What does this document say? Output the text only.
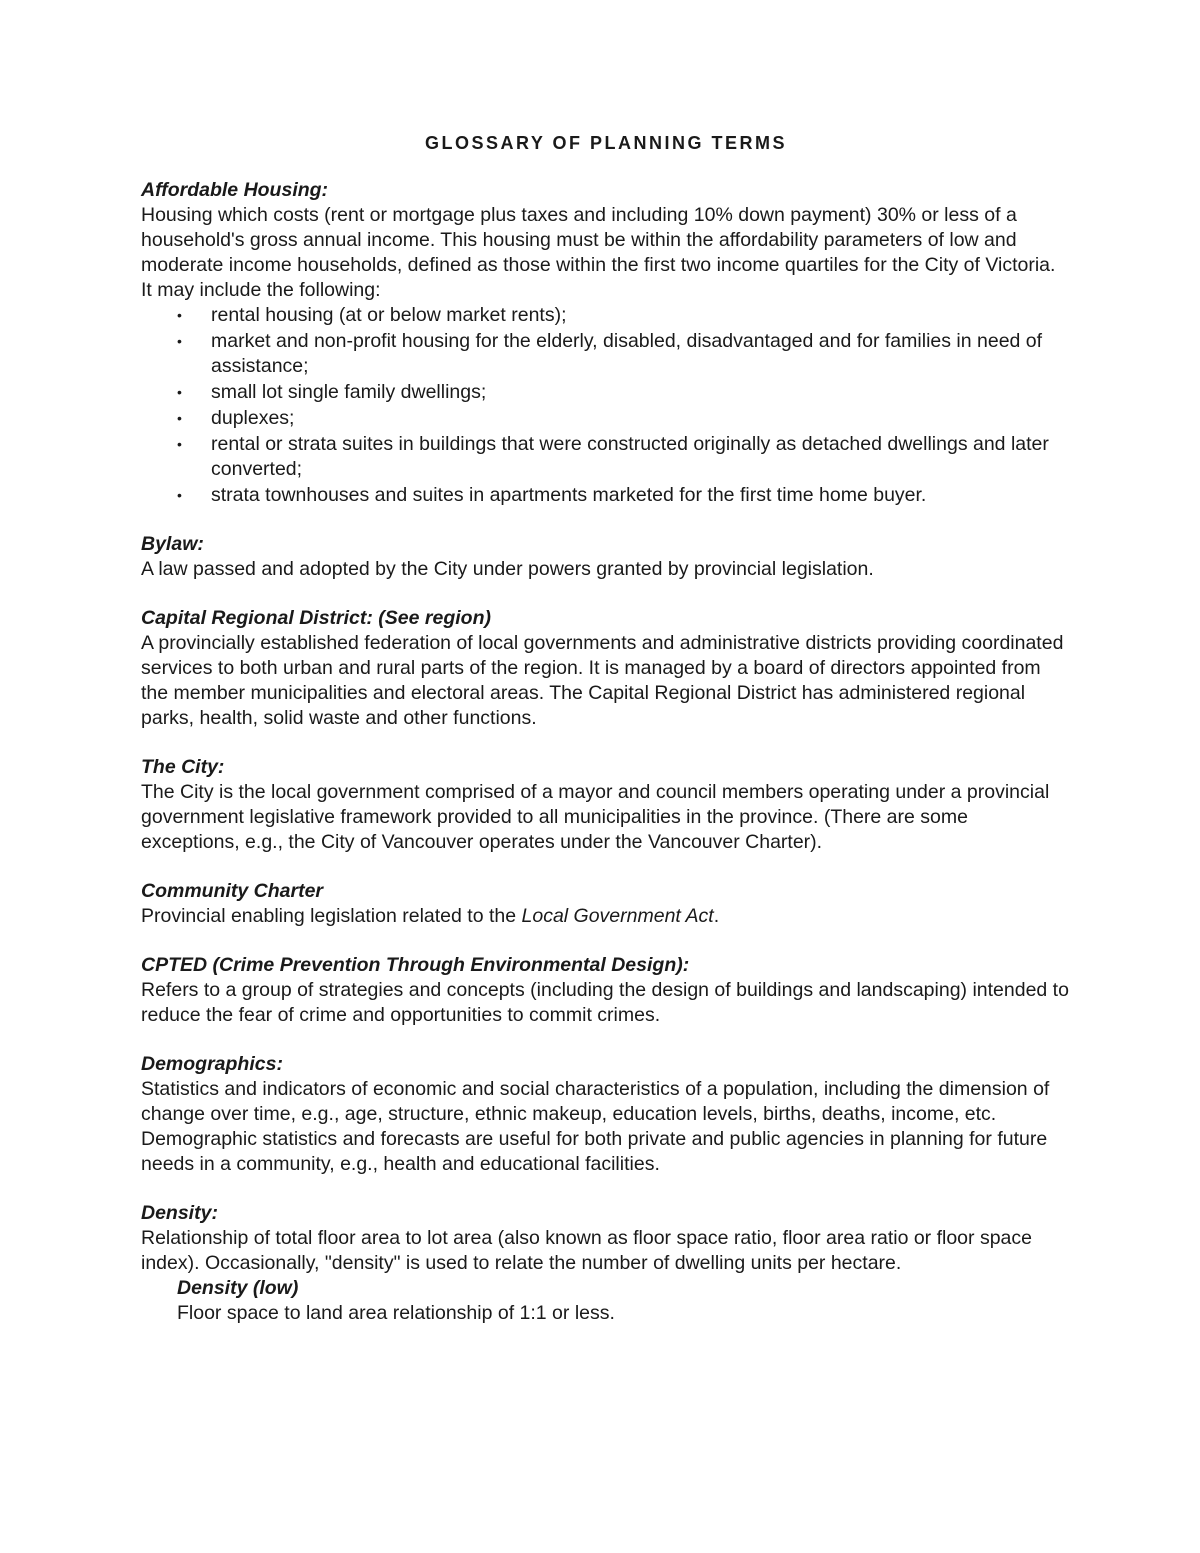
GLOSSARY OF PLANNING TERMS

Affordable Housing:

Housing which costs (rent or mortgage plus taxes and including 10% down payment) 30% or less of a household's gross annual income. This housing must be within the affordability parameters of low and moderate income households, defined as those within the first two income quartiles for the City of Victoria. It may include the following:

• rental housing (at or below market rents);
• market and non-profit housing for the elderly, disabled, disadvantaged and for families in need of assistance;
• small lot single family dwellings;
• duplexes;
• rental or strata suites in buildings that were constructed originally as detached dwellings and later converted;
• strata townhouses and suites in apartments marketed for the first time home buyer.

Bylaw:

A law passed and adopted by the City under powers granted by provincial legislation.

Capital Regional District: (See region)

A provincially established federation of local governments and administrative districts providing coordinated services to both urban and rural parts of the region. It is managed by a board of directors appointed from the member municipalities and electoral areas. The Capital Regional District has administered regional parks, health, solid waste and other functions.

The City:

The City is the local government comprised of a mayor and council members operating under a provincial government legislative framework provided to all municipalities in the province. (There are some exceptions, e.g., the City of Vancouver operates under the Vancouver Charter).

Community Charter

Provincial enabling legislation related to the Local Government Act.

CPTED (Crime Prevention Through Environmental Design):

Refers to a group of strategies and concepts (including the design of buildings and landscaping) intended to reduce the fear of crime and opportunities to commit crimes.

Demographics:

Statistics and indicators of economic and social characteristics of a population, including the dimension of change over time, e.g., age, structure, ethnic makeup, education levels, births, deaths, income, etc. Demographic statistics and forecasts are useful for both private and public agencies in planning for future needs in a community, e.g., health and educational facilities.

Density:

Relationship of total floor area to lot area (also known as floor space ratio, floor area ratio or floor space index). Occasionally, "density" is used to relate the number of dwelling units per hectare.

Density (low)

Floor space to land area relationship of 1:1 or less.
